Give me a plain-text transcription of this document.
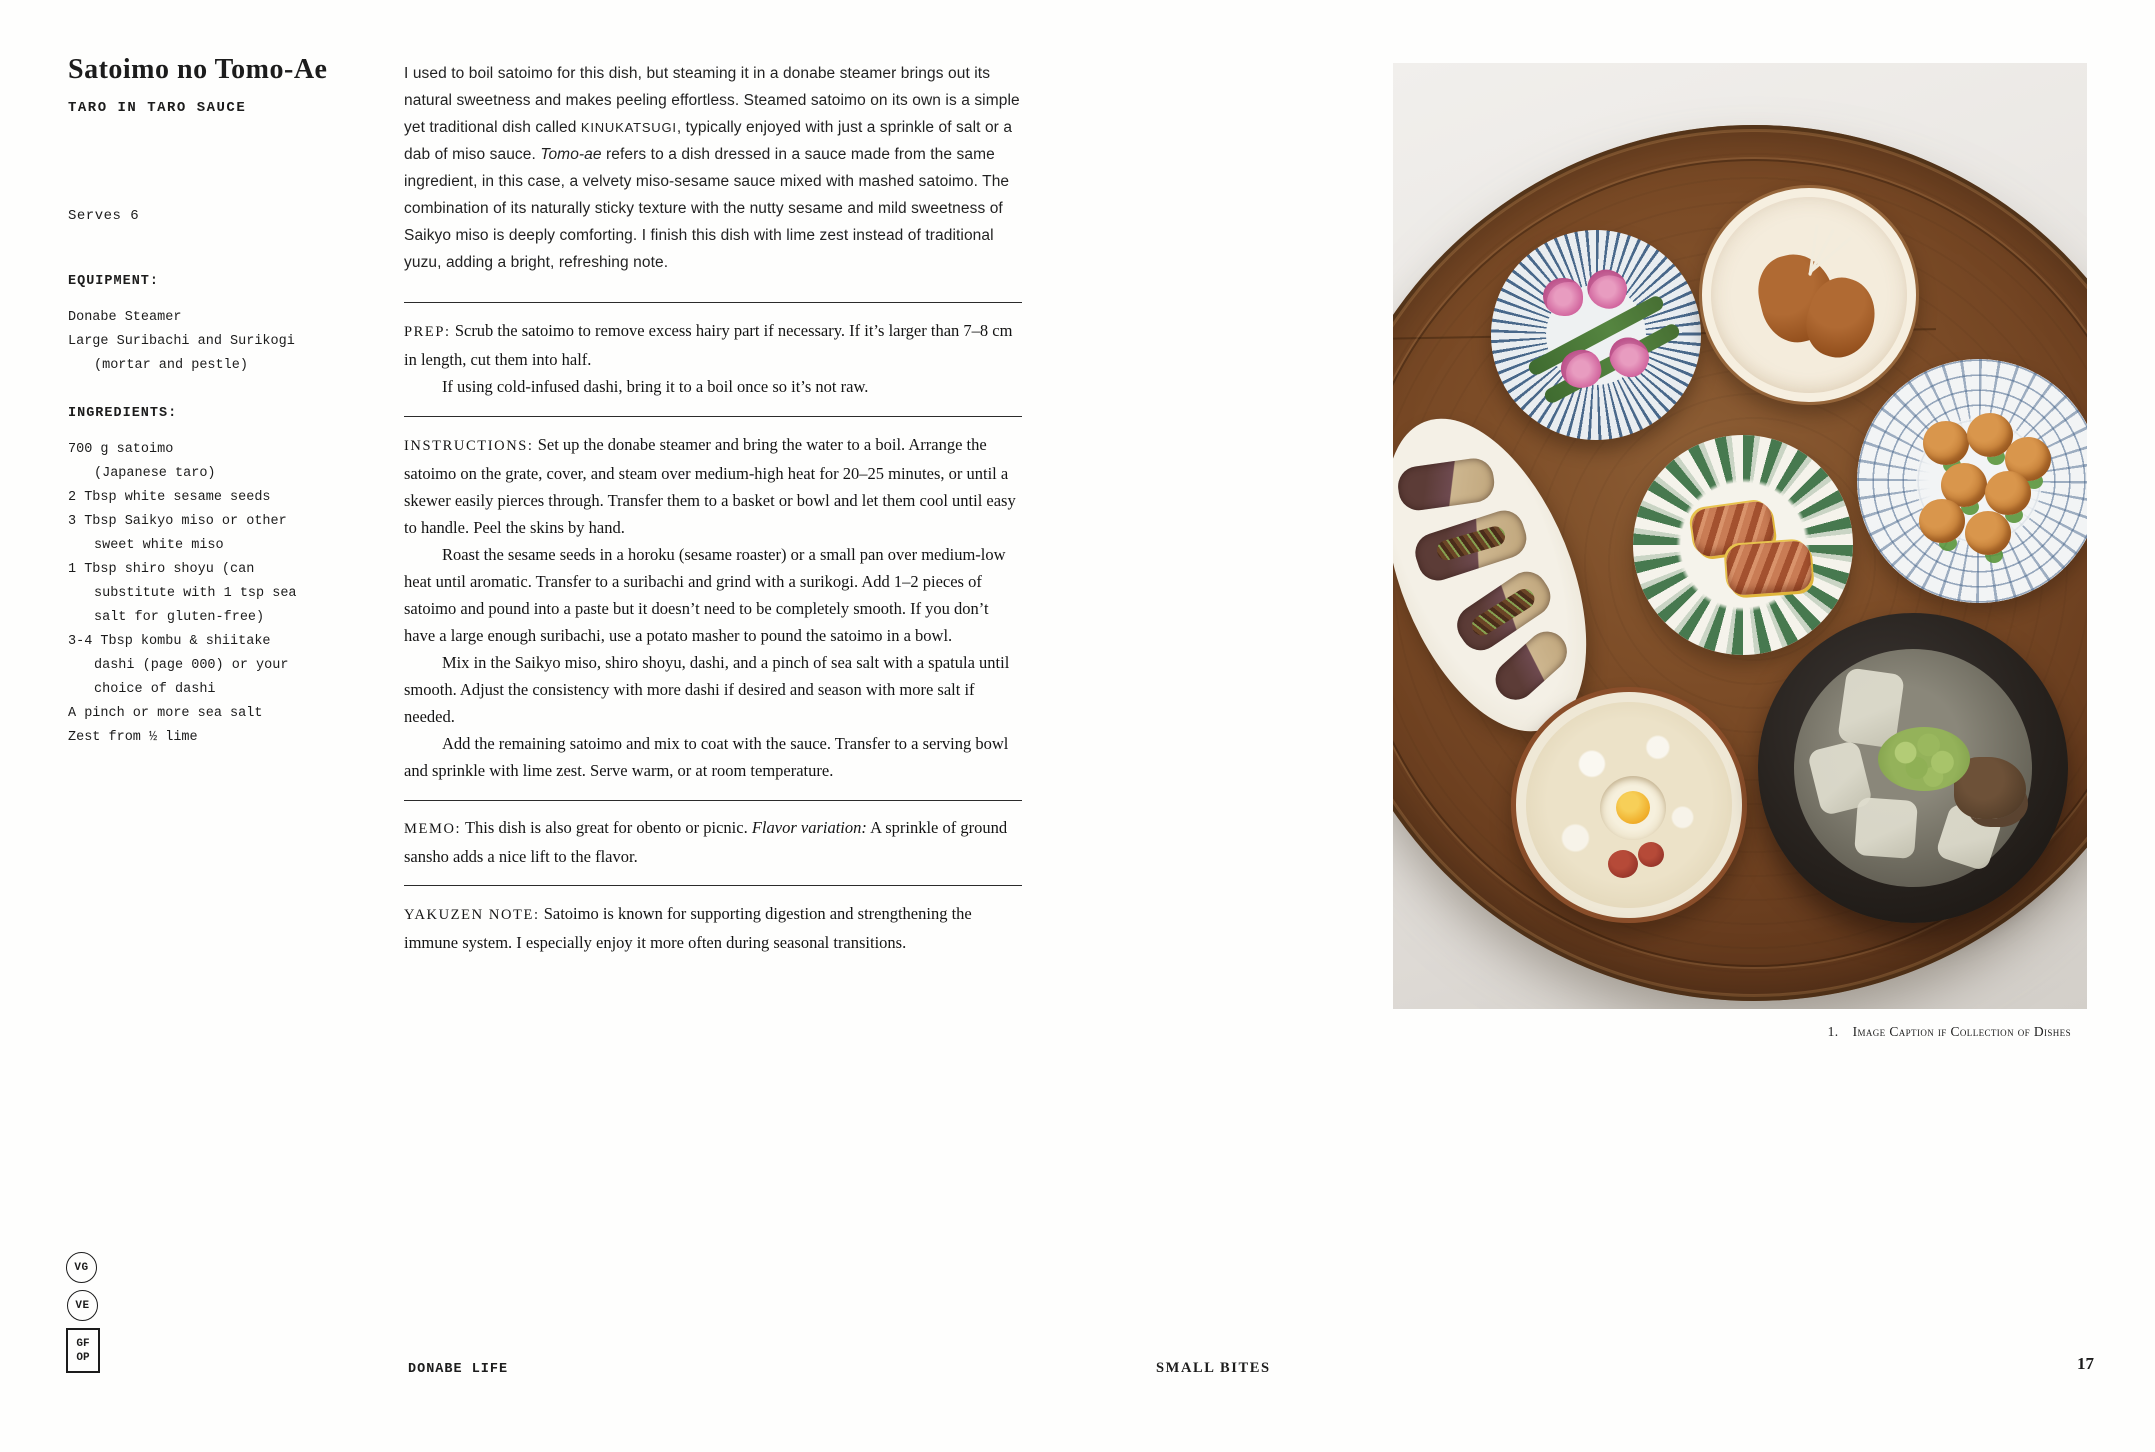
Satoimo no Tomo-Ae
TARO IN TARO SAUCE
Serves 6
EQUIPMENT:
Donabe Steamer
Large Suribachi and Surikogi
(mortar and pestle)
INGREDIENTS:
700 g satoimo
(Japanese taro)
2 Tbsp white sesame seeds
3 Tbsp Saikyo miso or other
sweet white miso
1 Tbsp shiro shoyu (can
substitute with 1 tsp sea
salt for gluten-free)
3-4 Tbsp kombu & shiitake
dashi (page 000) or your
choice of dashi
A pinch or more sea salt
Zest from ½ lime
VG
VE
GF
OP

I used to boil satoimo for this dish, but steaming it in a donabe steamer brings out its natural sweetness and makes peeling effortless. Steamed satoimo on its own is a simple yet traditional dish called KINUKATSUGI, typically enjoyed with just a sprinkle of salt or a dab of miso sauce. Tomo-ae refers to a dish dressed in a sauce made from the same ingredient, in this case, a velvety miso-sesame sauce mixed with mashed satoimo. The combination of its naturally sticky texture with the nutty sesame and mild sweetness of Saikyo miso is deeply comforting. I finish this dish with lime zest instead of traditional yuzu, adding a bright, refreshing note.

PREP: Scrub the satoimo to remove excess hairy part if necessary. If it’s larger than 7–8 cm in length, cut them into half.

If using cold-infused dashi, bring it to a boil once so it’s not raw.

INSTRUCTIONS: Set up the donabe steamer and bring the water to a boil. Arrange the satoimo on the grate, cover, and steam over medium-high heat for 20–25 minutes, or until a skewer easily pierces through. Transfer them to a basket or bowl and let them cool until easy to handle. Peel the skins by hand.

Roast the sesame seeds in a horoku (sesame roaster) or a small pan over medium-low heat until aromatic. Transfer to a suribachi and grind with a surikogi. Add 1–2 pieces of satoimo and pound into a paste but it doesn’t need to be completely smooth. If you don’t have a large enough suribachi, use a potato masher to pound the satoimo in a bowl.

Mix in the Saikyo miso, shiro shoyu, dashi, and a pinch of sea salt with a spatula until smooth. Adjust the consistency with more dashi if desired and season with more salt if needed.

Add the remaining satoimo and mix to coat with the sauce. Transfer to a serving bowl and sprinkle with lime zest. Serve warm, or at room temperature.

MEMO: This dish is also great for obento or picnic. Flavor variation: A sprinkle of ground sansho adds a nice lift to the flavor.

YAKUZEN NOTE: Satoimo is known for supporting digestion and strengthening the immune system. I especially enjoy it more often during seasonal transitions.

1. Image Caption if Collection of Dishes
DONABE LIFE	SMALL BITES	17
